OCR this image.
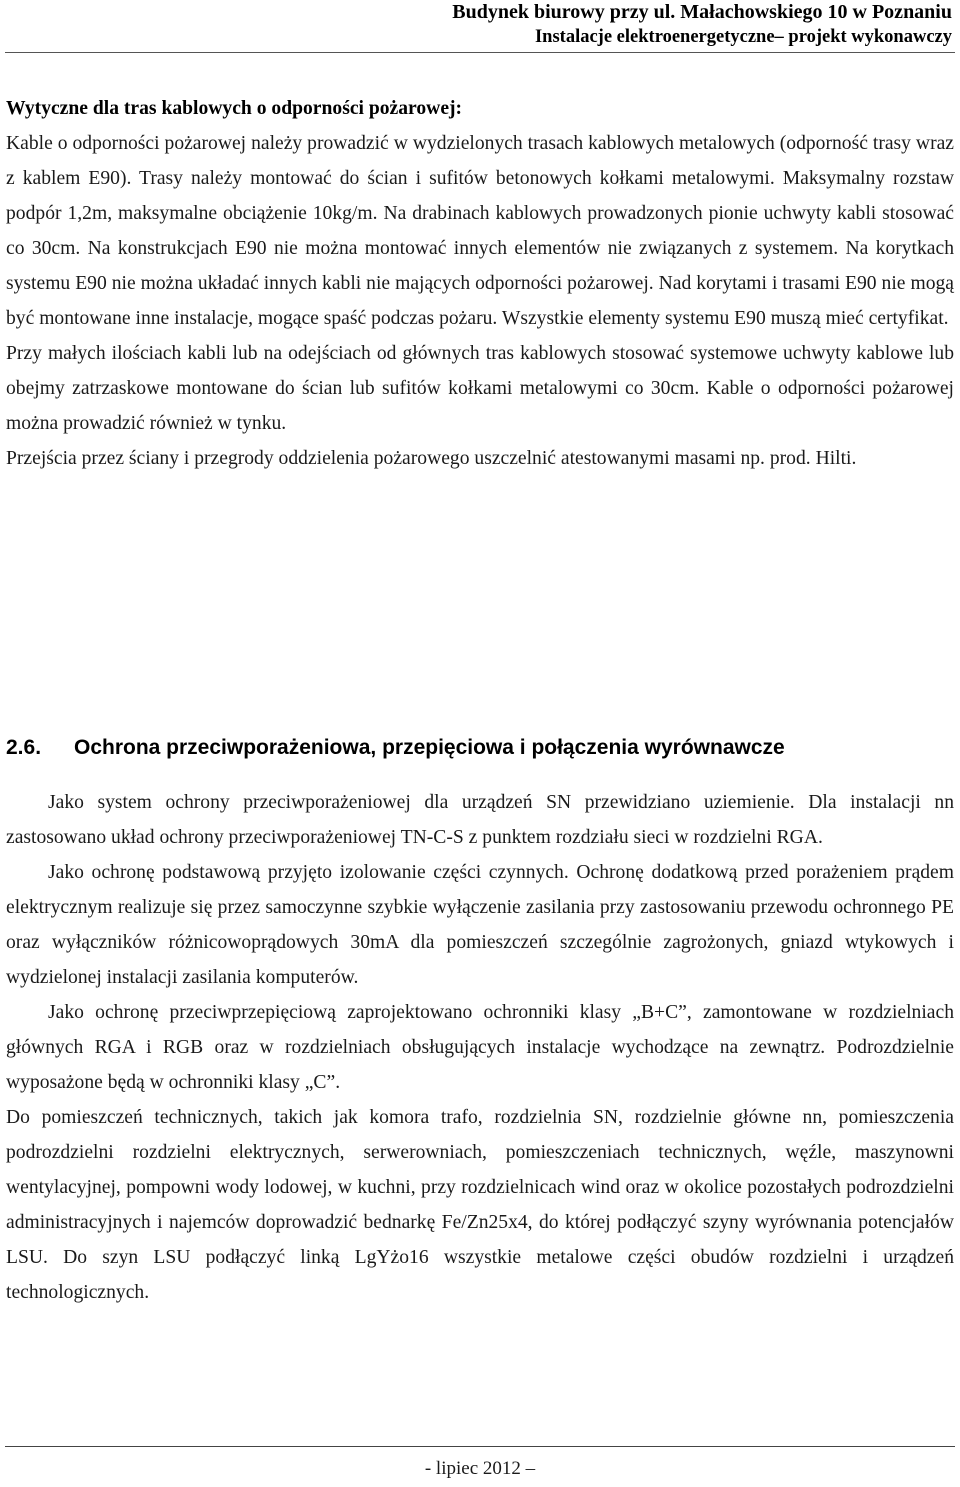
Budynek biurowy przy ul. Małachowskiego 10 w Poznaniu
Instalacje elektroenergetyczne– projekt wykonawczy

Wytyczne dla tras kablowych o odporności pożarowej:

Kable o odporności pożarowej należy prowadzić w wydzielonych trasach kablowych metalowych (odporność trasy wraz z kablem E90). Trasy należy montować do ścian i sufitów betonowych kołkami metalowymi. Maksymalny rozstaw podpór 1,2m, maksymalne obciążenie 10kg/m. Na drabinach kablowych prowadzonych pionie uchwyty kabli stosować co 30cm. Na konstrukcjach E90 nie można montować innych elementów nie związanych z systemem. Na korytkach systemu E90 nie można układać innych kabli nie mających odporności pożarowej. Nad korytami i trasami E90 nie mogą być montowane inne instalacje, mogące spaść podczas pożaru. Wszystkie elementy systemu E90 muszą mieć certyfikat.

Przy małych ilościach kabli lub na odejściach od głównych tras kablowych stosować systemowe uchwyty kablowe lub obejmy zatrzaskowe montowane do ścian lub sufitów kołkami metalowymi co 30cm. Kable o odporności pożarowej można prowadzić również w tynku.

Przejścia przez ściany i przegrody oddzielenia pożarowego uszczelnić atestowanymi masami np. prod. Hilti.

2.6. Ochrona przeciwporażeniowa, przepięciowa i połączenia wyrównawcze

Jako system ochrony przeciwporażeniowej dla urządzeń SN przewidziano uziemienie. Dla instalacji nn zastosowano układ ochrony przeciwporażeniowej TN-C-S z punktem rozdziału sieci w rozdzielni RGA.

Jako ochronę podstawową przyjęto izolowanie części czynnych. Ochronę dodatkową przed porażeniem prądem elektrycznym realizuje się przez samoczynne szybkie wyłączenie zasilania przy zastosowaniu przewodu ochronnego PE oraz wyłączników różnicowoprądowych 30mA dla pomieszczeń szczególnie zagrożonych, gniazd wtykowych i wydzielonej instalacji zasilania komputerów.

Jako ochronę przeciwprzepięciową zaprojektowano ochronniki klasy „B+C”, zamontowane w rozdzielniach głównych RGA i RGB oraz w rozdzielniach obsługujących instalacje wychodzące na zewnątrz. Podrozdzielnie wyposażone będą w ochronniki klasy „C”.

Do pomieszczeń technicznych, takich jak komora trafo, rozdzielnia SN, rozdzielnie główne nn, pomieszczenia podrozdzielni rozdzielni elektrycznych, serwerowniach, pomieszczeniach technicznych, węźle, maszynowni wentylacyjnej, pompowni wody lodowej, w kuchni, przy rozdzielnicach wind oraz w okolice pozostałych podrozdzielni administracyjnych i najemców doprowadzić bednarkę Fe/Zn25x4, do której podłączyć szyny wyrównania potencjałów LSU. Do szyn LSU podłączyć linką LgYżo16 wszystkie metalowe części obudów rozdzielni i urządzeń technologicznych.

- lipiec 2012 –
